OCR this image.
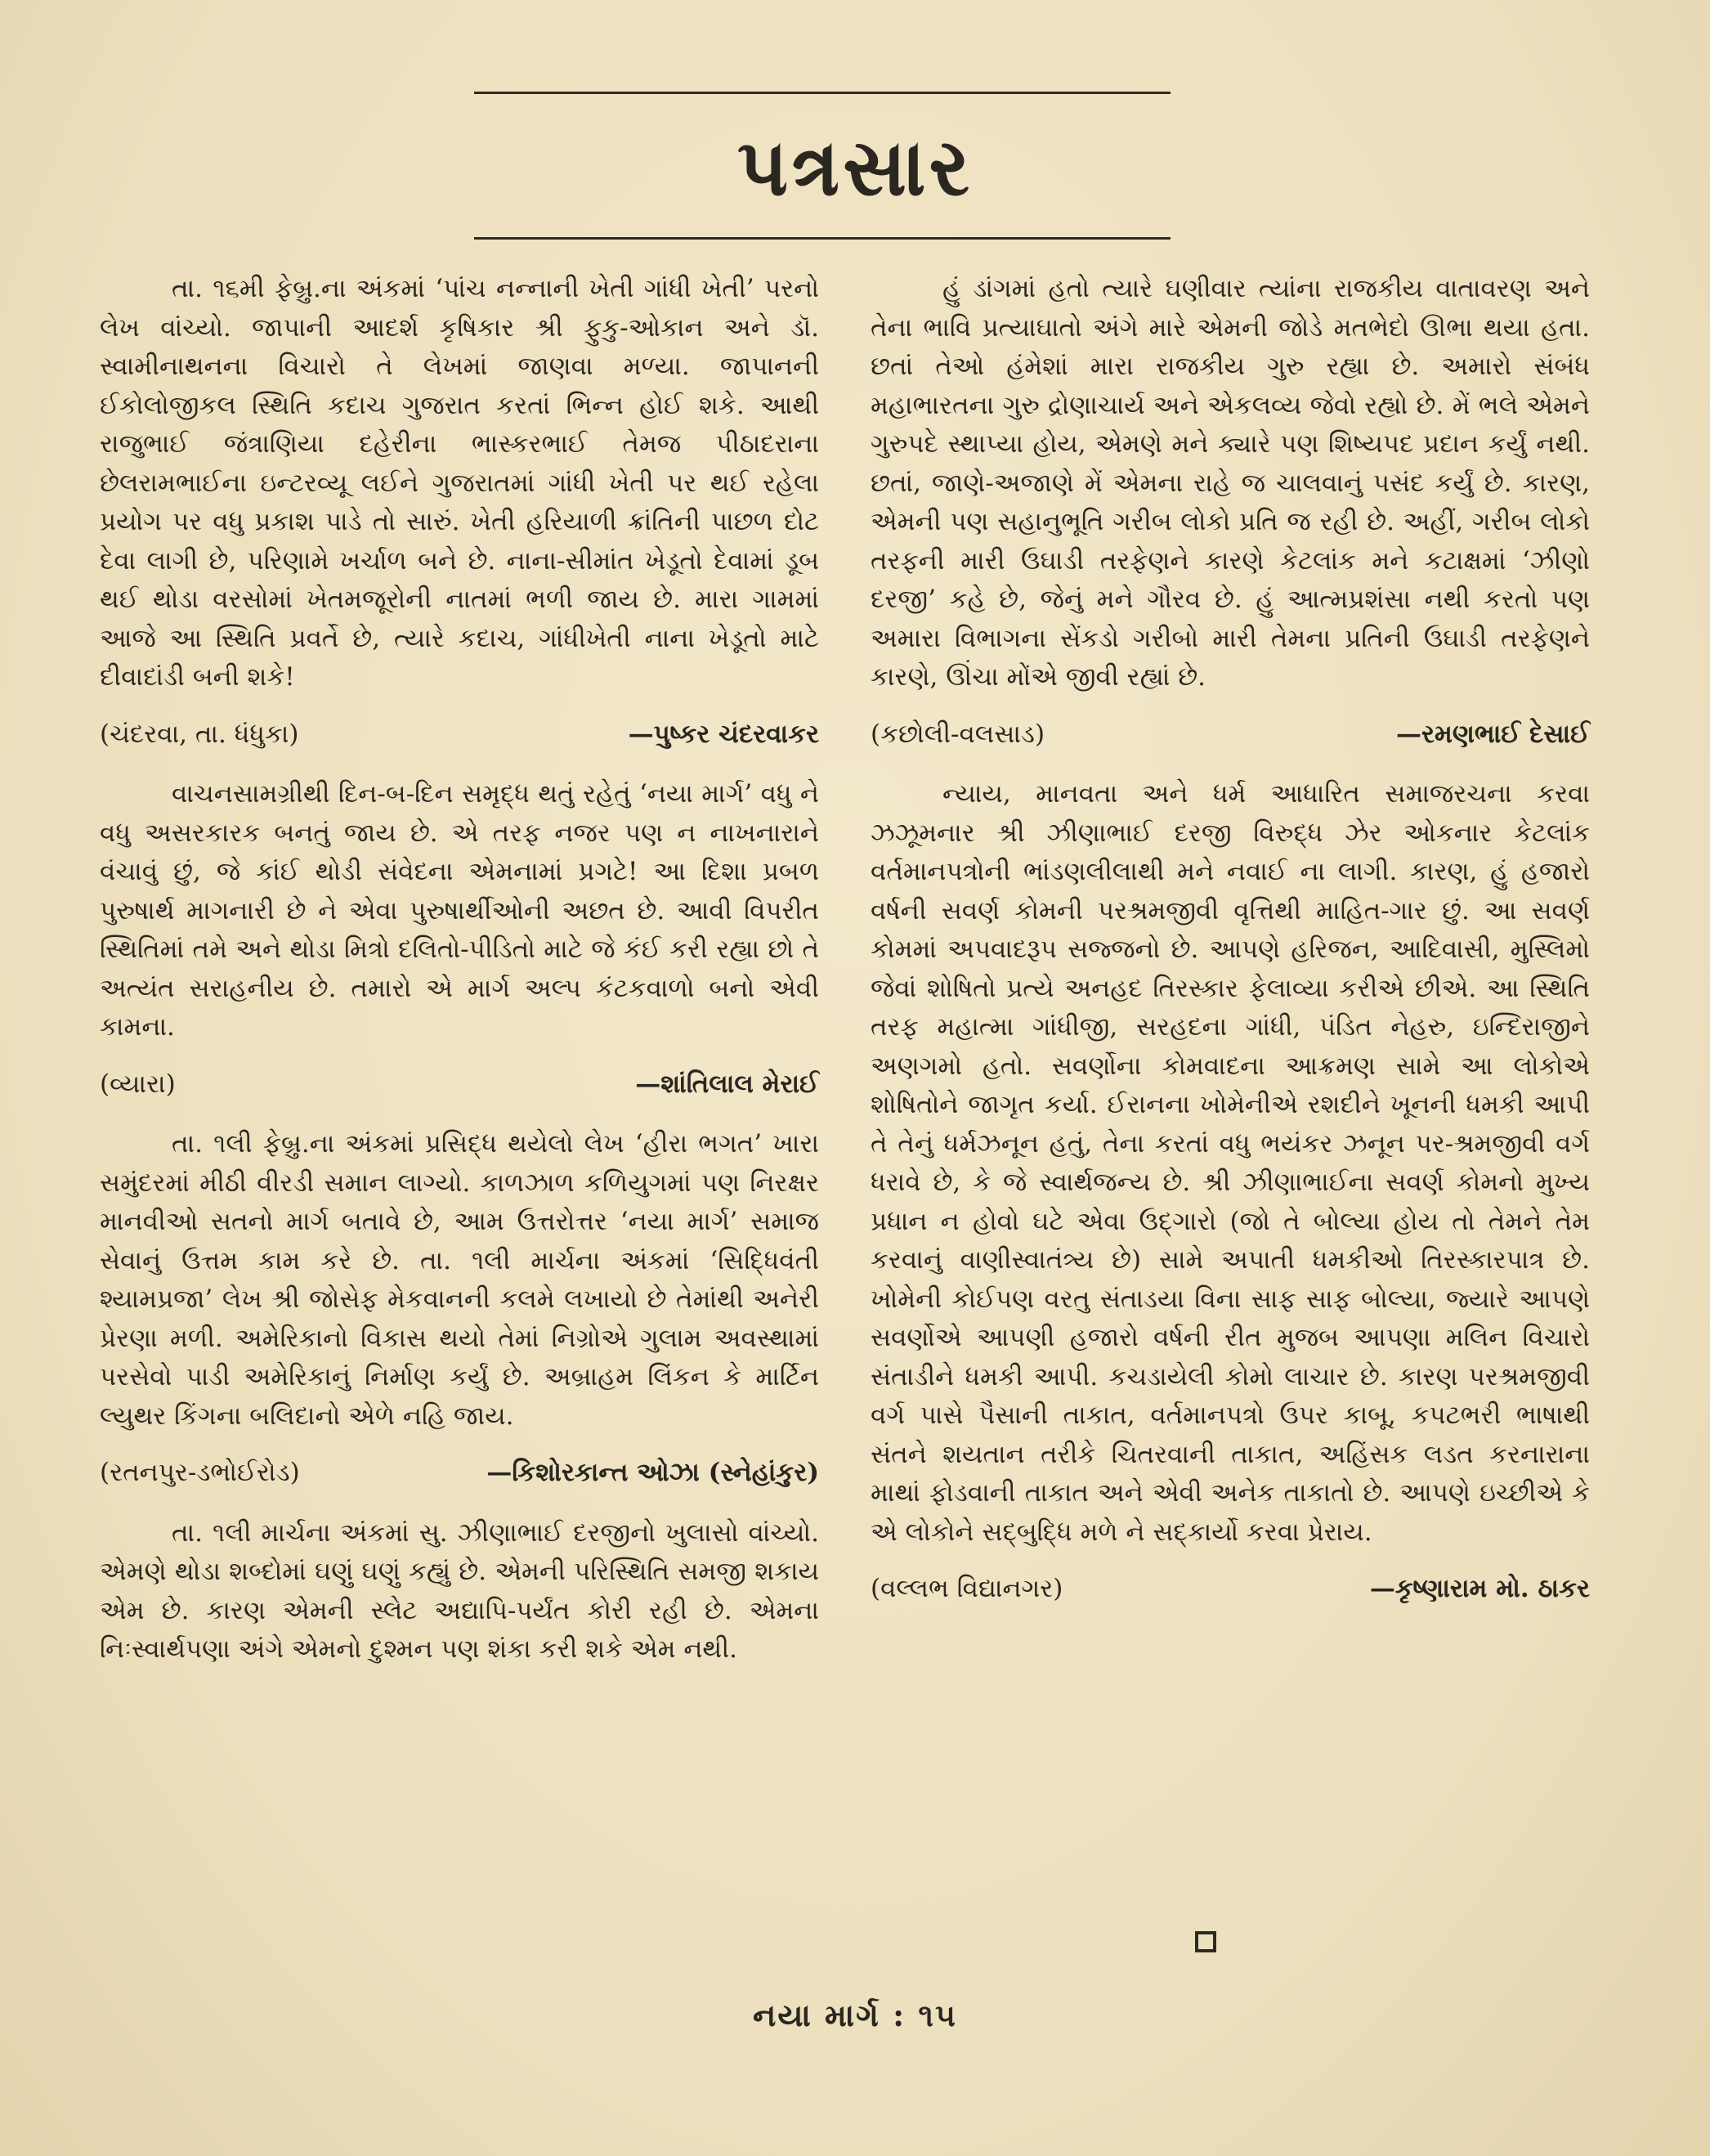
પત્રસાર

તા. ૧૬મી ફેબ્રુ.ના અંકમાં ‘પાંચ નન્નાની ખેતી ગાંધી ખેતી’ પરનો લેખ વાંચ્યો. જાપાની આદર્શ કૃષિકાર શ્રી ફુકુ-ઓકાન અને ડૉ. સ્વામીનાથનના વિચારો તે લેખમાં જાણવા મળ્યા. જાપાનની ઈકોલોજીકલ સ્થિતિ કદાચ ગુજરાત કરતાં ભિન્ન હોઈ શકે. આથી રાજુભાઈ જંત્રાણિયા દહેરીના ભાસ્કરભાઈ તેમજ પીઠાદરાના છેલરામભાઈના ઇન્ટરવ્યૂ લઈને ગુજરાતમાં ગાંધી ખેતી પર થઈ રહેલા પ્રયોગ પર વધુ પ્રકાશ પાડે તો સારું. ખેતી હરિયાળી ક્રાંતિની પાછળ દોટ દેવા લાગી છે, પરિણામે ખર્ચાળ બને છે. નાના-સીમાંત ખેડૂતો દેવામાં ડૂબ થઈ થોડા વરસોમાં ખેતમજૂરોની નાતમાં ભળી જાય છે. મારા ગામમાં આજે આ સ્થિતિ પ્રવર્તે છે, ત્યારે કદાચ, ગાંધીખેતી નાના ખેડૂતો માટે દીવાદાંડી બની શકે!

(ચંદરવા, તા. ધંધુકા)	—પુષ્કર ચંદરવાકર

વાચનસામગ્રીથી દિન-બ-દિન સમૃદ્ધ થતું રહેતું ‘નયા માર્ગ’ વધુ ને વધુ અસરકારક બનતું જાય છે. એ તરફ નજર પણ ન નાખનારાને વંચાવું છું, જે કાંઈ થોડી સંવેદના એમનામાં પ્રગટે! આ દિશા પ્રબળ પુરુષાર્થ માગનારી છે ને એવા પુરુષાર્થીઓની અછત છે. આવી વિપરીત સ્થિતિમાં તમે અને થોડા મિત્રો દલિતો-પીડિતો માટે જે કંઈ કરી રહ્યા છો તે અત્યંત સરાહનીય છે. તમારો એ માર્ગ અલ્પ કંટકવાળો બનો એવી કામના.

(વ્યારા)	—શાંતિલાલ મેરાઈ

તા. ૧લી ફેબ્રુ.ના અંકમાં પ્રસિદ્ધ થયેલો લેખ ‘હીરા ભગત’ ખારા સમુંદરમાં મીઠી વીરડી સમાન લાગ્યો. કાળઝાળ કળિયુગમાં પણ નિરક્ષર માનવીઓ સતનો માર્ગ બતાવે છે, આમ ઉત્તરોત્તર ‘નયા માર્ગ’ સમાજ સેવાનું ઉત્તમ કામ કરે છે. તા. ૧લી માર્ચના અંકમાં ‘સિદ્ધિવંતી શ્યામપ્રજા’ લેખ શ્રી જોસેફ મેકવાનની કલમે લખાયો છે તેમાંથી અનેરી પ્રેરણા મળી. અમેરિકાનો વિકાસ થયો તેમાં નિગ્રોએ ગુલામ અવસ્થામાં પરસેવો પાડી અમેરિકાનું નિર્માણ કર્યું છે. અબ્રાહમ લિંકન કે માર્ટિન લ્યુથર કિંગના બલિદાનો એળે નહિ જાય.

(રતનપુર-ડભોઈરોડ)	—કિશોરકાન્ત ઓઝા (સ્નેહાંકુર)

તા. ૧લી માર્ચના અંકમાં સુ. ઝીણાભાઈ દરજીનો ખુલાસો વાંચ્યો. એમણે થોડા શબ્દોમાં ઘણું ઘણું કહ્યું છે. એમની પરિસ્થિતિ સમજી શકાય એમ છે. કારણ એમની સ્લેટ અદ્યાપિ-પર્યંત કોરી રહી છે. એમના નિઃસ્વાર્થપણા અંગે એમનો દુશ્મન પણ શંકા કરી શકે એમ નથી.

હું ડાંગમાં હતો ત્યારે ઘણીવાર ત્યાંના રાજકીય વાતાવરણ અને તેના ભાવિ પ્રત્યાઘાતો અંગે મારે એમની જોડે મતભેદો ઊભા થયા હતા. છતાં તેઓ હંમેશાં મારા રાજકીય ગુરુ રહ્યા છે. અમારો સંબંધ મહાભારતના ગુરુ દ્રોણાચાર્ય અને એકલવ્ય જેવો રહ્યો છે. મેં ભલે એમને ગુરુપદે સ્થાપ્યા હોય, એમણે મને ક્યારે પણ શિષ્યપદ પ્રદાન કર્યું નથી. છતાં, જાણે-અજાણે મેં એમના રાહે જ ચાલવાનું પસંદ કર્યું છે. કારણ, એમની પણ સહાનુભૂતિ ગરીબ લોકો પ્રતિ જ રહી છે. અહીં, ગરીબ લોકો તરફની મારી ઉઘાડી તરફેણને કારણે કેટલાંક મને કટાક્ષમાં ‘ઝીણો દરજી’ કહે છે, જેનું મને ગૌરવ છે. હું આત્મપ્રશંસા નથી કરતો પણ અમારા વિભાગના સેંકડો ગરીબો મારી તેમના પ્રતિની ઉઘાડી તરફેણને કારણે, ઊંચા મોંએ જીવી રહ્યાં છે.

(કછોલી-વલસાડ)	—રમણભાઈ દેસાઈ

ન્યાય, માનવતા અને ધર્મ આધારિત સમાજરચના કરવા ઝઝૂમનાર શ્રી ઝીણાભાઈ દરજી વિરુદ્ધ ઝેર ઓકનાર કેટલાંક વર્તમાનપત્રોની ભાંડણલીલાથી મને નવાઈ ના લાગી. કારણ, હું હજારો વર્ષની સવર્ણ કોમની પરશ્રમજીવી વૃત્તિથી માહિત-ગાર છું. આ સવર્ણ કોમમાં અપવાદરૂપ સજ્જનો છે. આપણે હરિજન, આદિવાસી, મુસ્લિમો જેવાં શોષિતો પ્રત્યે અનહદ તિરસ્કાર ફેલાવ્યા કરીએ છીએ. આ સ્થિતિ તરફ મહાત્મા ગાંધીજી, સરહદના ગાંધી, પંડિત નેહરુ, ઇન્દિરાજીને અણગમો હતો. સવર્ણોના કોમવાદના આક્રમણ સામે આ લોકોએ શોષિતોને જાગૃત કર્યા. ઈરાનના ખોમેનીએ રશદીને ખૂનની ધમકી આપી તે તેનું ધર્મઝનૂન હતું, તેના કરતાં વધુ ભયંકર ઝનૂન પર-શ્રમજીવી વર્ગ ધરાવે છે, કે જે સ્વાર્થજન્ય છે. શ્રી ઝીણાભાઈના સવર્ણ કોમનો મુખ્ય પ્રધાન ન હોવો ઘટે એવા ઉદ્ગારો (જો તે બોલ્યા હોય તો તેમને તેમ કરવાનું વાણીસ્વાતંત્ર્ય છે) સામે અપાતી ધમકીઓ તિરસ્કારપાત્ર છે. ખોમેની કોઈપણ વરતુ સંતાડયા વિના સાફ સાફ બોલ્યા, જ્યારે આપણે સવર્ણોએ આપણી હજારો વર્ષની રીત મુજબ આપણા મલિન વિચારો સંતાડીને ધમકી આપી. કચડાયેલી કોમો લાચાર છે. કારણ પરશ્રમજીવી વર્ગ પાસે પૈસાની તાકાત, વર્તમાનપત્રો ઉપર કાબૂ, કપટભરી ભાષાથી સંતને શયતાન તરીકે ચિતરવાની તાકાત, અહિંસક લડત કરનારાના માથાં ફોડવાની તાકાત અને એવી અનેક તાકાતો છે. આપણે ઇચ્છીએ કે એ લોકોને સદ્બુદ્ધિ મળે ને સદ્કાર્યો કરવા પ્રેરાય.

(વલ્લભ વિદ્યાનગર)	—કૃષ્ણારામ મો. ઠાકર
નયા માર્ગ : ૧૫
